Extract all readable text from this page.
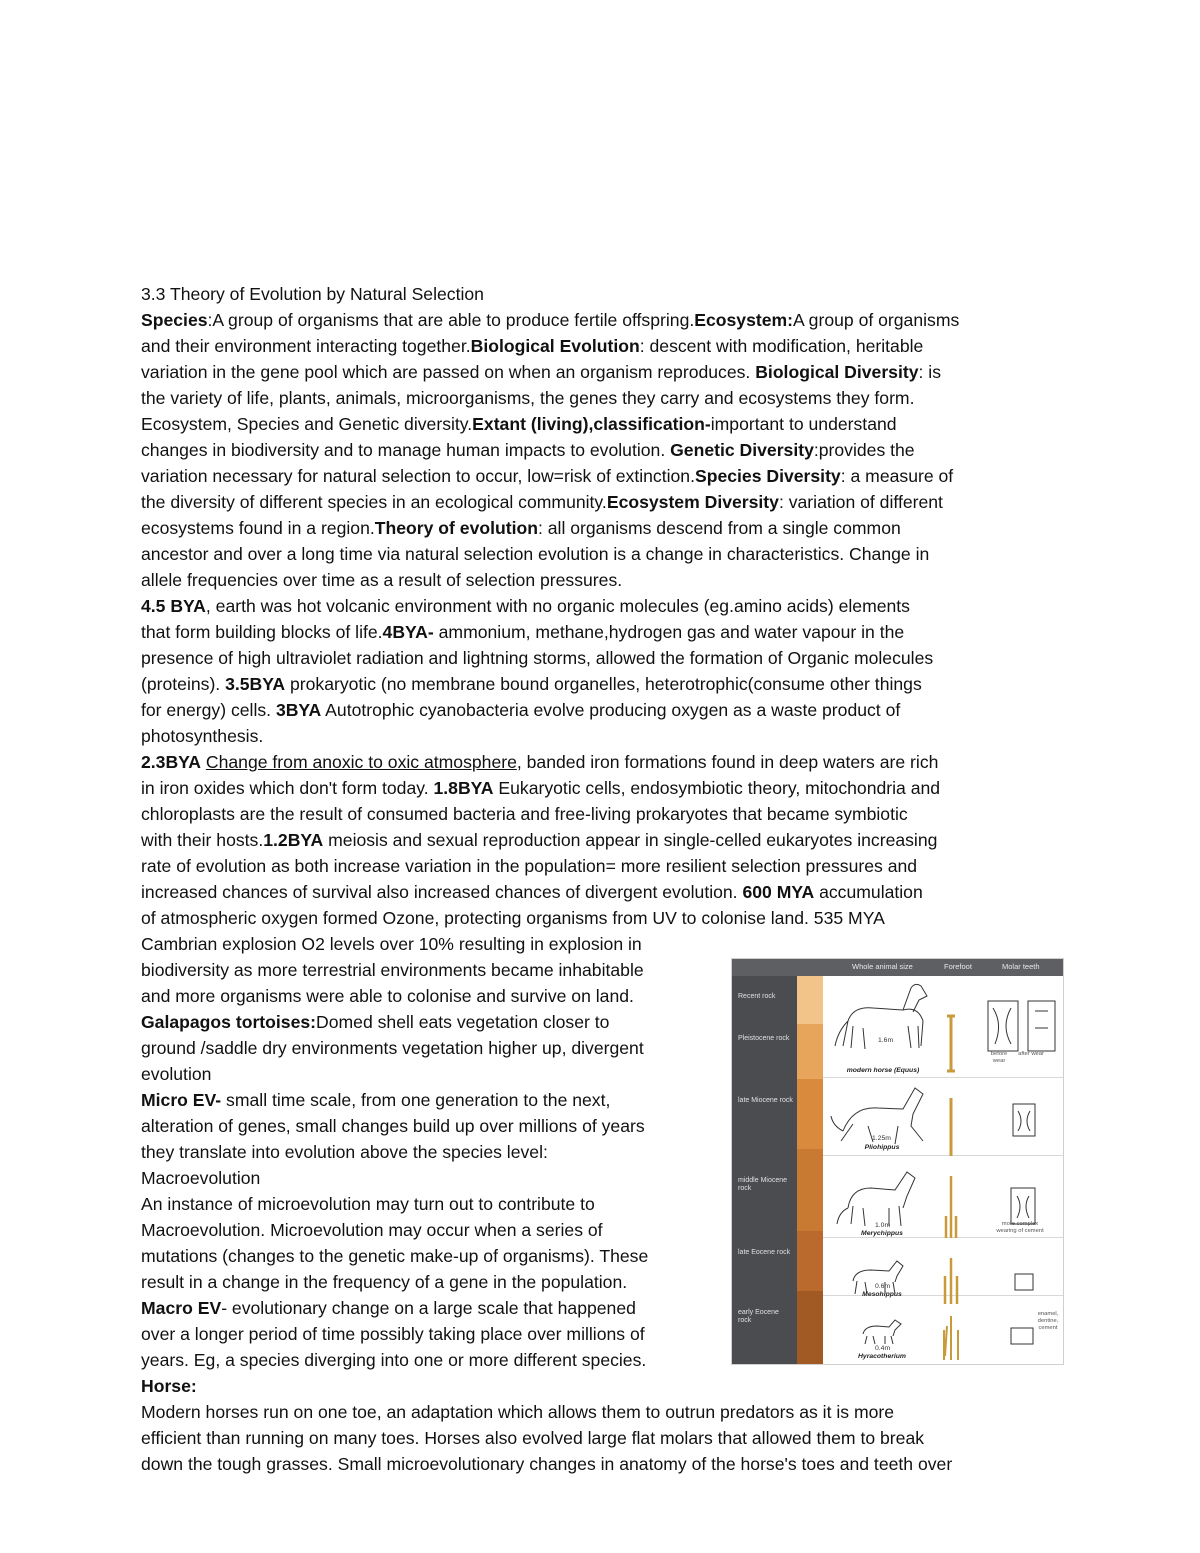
3.3 Theory of Evolution by Natural Selection
Species:A group of organisms that are able to produce fertile offspring.Ecosystem:A group of organisms
and their environment interacting together.Biological Evolution: descent with modification, heritable
variation in the gene pool which are passed on when an organism reproduces. Biological Diversity: is
the variety of life, plants, animals, microorganisms, the genes they carry and ecosystems they form.
Ecosystem, Species and Genetic diversity.Extant (living),classification-important to understand
changes in biodiversity and to manage human impacts to evolution. Genetic Diversity:provides the
variation necessary for natural selection to occur, low=risk of extinction.Species Diversity: a measure of
the diversity of different species in an ecological community.Ecosystem Diversity: variation of different
ecosystems found in a region.Theory of evolution: all organisms descend from a single common
ancestor and over a long time via natural selection evolution is a change in characteristics. Change in
allele frequencies over time as a result of selection pressures.
4.5 BYA, earth was hot volcanic environment with no organic molecules (eg.amino acids) elements
that form building blocks of life.4BYA- ammonium, methane,hydrogen gas and water vapour in the
presence of high ultraviolet radiation and lightning storms, allowed the formation of Organic molecules
(proteins). 3.5BYA prokaryotic (no membrane bound organelles, heterotrophic(consume other things
for energy) cells. 3BYA Autotrophic cyanobacteria evolve producing oxygen as a waste product of
photosynthesis.
2.3BYA Change from anoxic to oxic atmosphere, banded iron formations found in deep waters are rich
in iron oxides which don't form today. 1.8BYA Eukaryotic cells, endosymbiotic theory, mitochondria and
chloroplasts are the result of consumed bacteria and free-living prokaryotes that became symbiotic
with their hosts.1.2BYA meiosis and sexual reproduction appear in single-celled eukaryotes increasing
rate of evolution as both increase variation in the population= more resilient selection pressures and
increased chances of survival also increased chances of divergent evolution. 600 MYA accumulation
of atmospheric oxygen formed Ozone, protecting organisms from UV to colonise land. 535 MYA
Cambrian explosion O2 levels over 10% resulting in explosion in
biodiversity as more terrestrial environments became inhabitable
and more organisms were able to colonise and survive on land.
Galapagos tortoises:Domed shell eats vegetation closer to
ground /saddle dry environments vegetation higher up, divergent
evolution
Micro EV- small time scale, from one generation to the next,
alteration of genes, small changes build up over millions of years
they translate into evolution above the species level:
Macroevolution
An instance of microevolution may turn out to contribute to
Macroevolution. Microevolution may occur when a series of
mutations (changes to the genetic make-up of organisms). These
result in a change in the frequency of a gene in the population.
Macro EV- evolutionary change on a large scale that happened
over a longer period of time possibly taking place over millions of
years. Eg, a species diverging into one or more different species.
Horse:
Modern horses run on one toe, an adaptation which allows them to outrun predators as it is more
efficient than running on many toes. Horses also evolved large flat molars that allowed them to break
down the tough grasses. Small microevolutionary changes in anatomy of the horse's toes and teeth over
Whole animal size	Forefoot	Molar teeth
Recent rock
Pleistocene rock
late Miocene rock
middle Miocene rock
late Eocene rock
early Eocene rock
1.6m
modern horse (Equus)
before wear
after wear
1.25m
Pliohippus
1.0m
Merychippus
more complex wearing of cement
0.6m
Mesohippus
0.4m
Hyracotherium
enamel, dentine, cement
